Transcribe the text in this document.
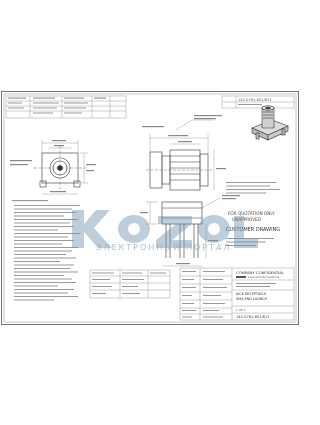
142-0761-801/811
FOR QUOTATION ONLY
UNAPPROVED
CUSTOMER DRAWING
COMPANY CONFIDENTIAL
Connectivity Solutions
JACK RECEPTACLE
SMA END LAUNCH
1 OF 1
142-0761-801/811
ЭЛЕКТРОННЫЙ ПОРТАЛ
